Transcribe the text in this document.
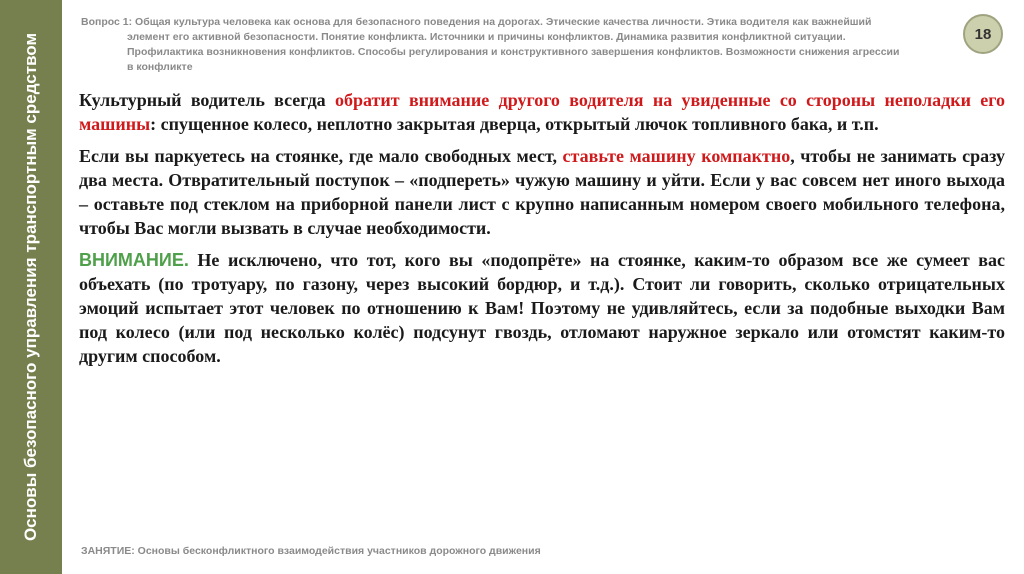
Основы безопасного управления транспортным средством
Вопрос 1: Общая культура человека как основа для безопасного поведения на дорогах. Этические качества личности. Этика водителя как важнейший
элемент его активной безопасности. Понятие конфликта. Источники и причины конфликтов. Динамика развития конфликтной ситуации.
Профилактика возникновения конфликтов. Способы регулирования и конструктивного завершения конфликтов. Возможности снижения агрессии
в конфликте
18

Культурный водитель всегда обратит внимание другого водителя на увиденные со стороны неполадки его машины: спущенное колесо, неплотно закрытая дверца, открытый лючок топливного бака, и т.п.

Если вы паркуетесь на стоянке, где мало свободных мест, ставьте машину компактно, чтобы не занимать сразу два места. Отвратительный поступок – «подпереть» чужую машину и уйти. Если у вас совсем нет иного выхода – оставьте под стеклом на приборной панели лист с крупно написанным номером своего мобильного телефона, чтобы Вас могли вызвать в случае необходимости.

ВНИМАНИЕ. Не исключено, что тот, кого вы «подопрёте» на стоянке, каким-то образом все же сумеет вас объехать (по тротуару, по газону, через высокий бордюр, и т.д.). Стоит ли говорить, сколько отрицательных эмоций испытает этот человек по отношению к Вам! Поэтому не удивляйтесь, если за подобные выходки Вам под колесо (или под несколько колёс) подсунут гвоздь, отломают наружное зеркало или отомстят каким-то другим способом.

ЗАНЯТИЕ: Основы бесконфликтного взаимодействия участников дорожного движения
